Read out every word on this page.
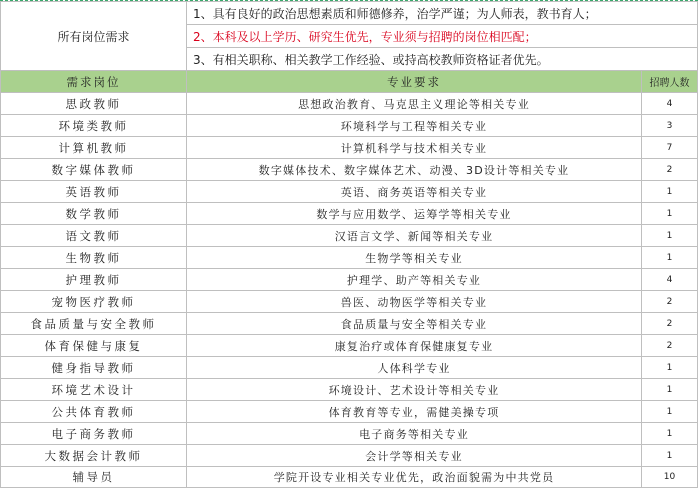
所有岗位需求	1、具有良好的政治思想素质和师德修养，治学严谨；为人师表，教书育人；	
	2、本科及以上学历、研究生优先，专业须与招聘的岗位相匹配；	
	3、有相关职称、相关教学工作经验、或持高校教师资格证者优先。	
需求岗位	专业要求	招聘人数
思政教师	思想政治教育、马克思主义理论等相关专业	4
环境类教师	环境科学与工程等相关专业	3
计算机教师	计算机科学与技术相关专业	7
数字媒体教师	数字媒体技术、数字媒体艺术、动漫、3D设计等相关专业	2
英语教师	英语、商务英语等相关专业	1
数学教师	数学与应用数学、运筹学等相关专业	1
语文教师	汉语言文学、新闻等相关专业	1
生物教师	生物学等相关专业	1
护理教师	护理学、助产等相关专业	4
宠物医疗教师	兽医、动物医学等相关专业	2
食品质量与安全教师	食品质量与安全等相关专业	2
体育保健与康复	康复治疗或体育保健康复专业	2
健身指导教师	人体科学专业	1
环境艺术设计	环境设计、艺术设计等相关专业	1
公共体育教师	体育教育等专业，需健美操专项	1
电子商务教师	电子商务等相关专业	1
大数据会计教师	会计学等相关专业	1
辅导员	学院开设专业相关专业优先，政治面貌需为中共党员	10
